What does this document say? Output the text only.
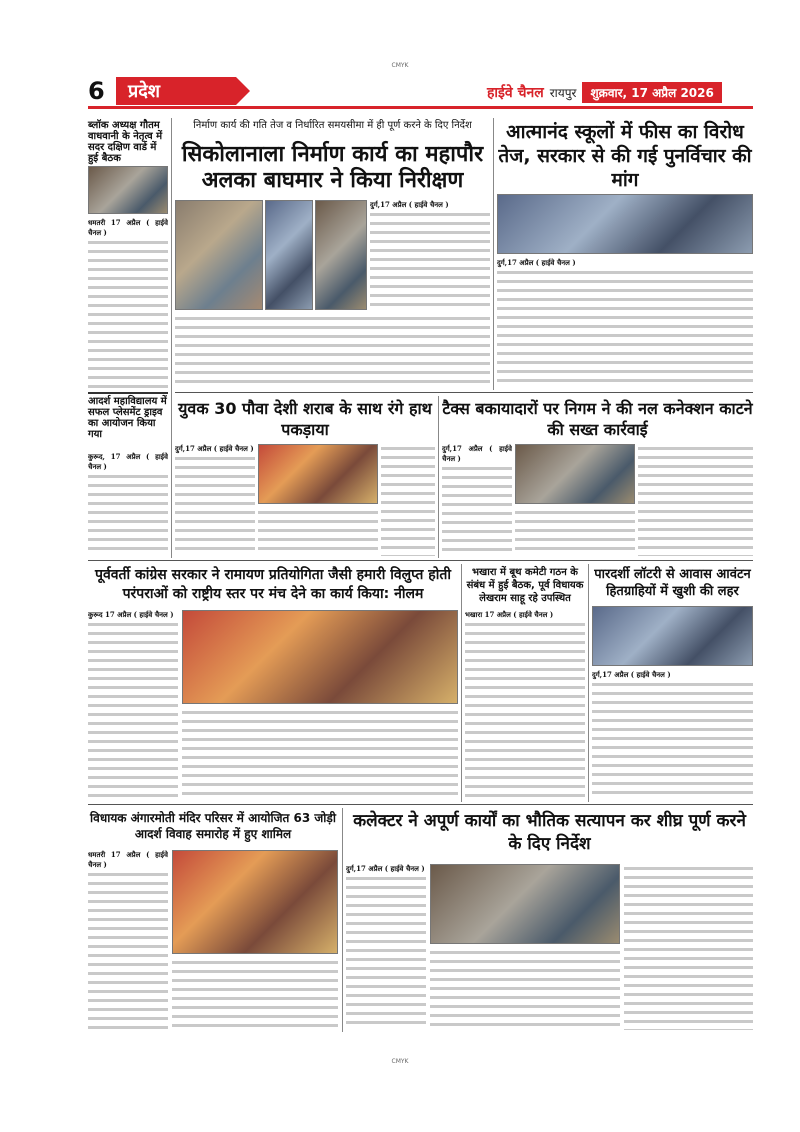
CMYK
6	प्रदेश	हाईवे चैनल रायपुर	शुक्रवार, 17 अप्रैल 2026
ब्लॉक अध्यक्ष गौतम वाधवानी के नेतृत्व में सदर दक्षिण वार्ड में हुई बैठक
धमतरी 17 अप्रैल ( हाईवे चैनल )
आदर्श महाविद्यालय में सफल प्लेसमेंट ड्राइव का आयोजन किया गया
कुरूद, 17 अप्रैल ( हाईवे चैनल )
निर्माण कार्य की गति तेज व निर्धारित समयसीमा में ही पूर्ण करने के दिए निर्देश
सिकोलानाला निर्माण कार्य का महापौर अलका बाघमार ने किया निरीक्षण
दुर्ग,17 अप्रैल ( हाईवे चैनल )
आत्मानंद स्कूलों में फीस का विरोध तेज, सरकार से की गई पुनर्विचार की मांग
दुर्ग,17 अप्रैल ( हाईवे चैनल )
युवक 30 पौवा देशी शराब के साथ रंगे हाथ पकड़ाया
दुर्ग,17 अप्रैल ( हाईवे चैनल )
टैक्स बकायादारों पर निगम ने की नल कनेक्शन काटने की सख्त कार्रवाई
दुर्ग,17 अप्रैल ( हाईवे चैनल )
पूर्ववर्ती कांग्रेस सरकार ने रामायण प्रतियोगिता जैसी हमारी विलुप्त होती परंपराओं को राष्ट्रीय स्तर पर मंच देने का कार्य किया: नीलम
कुरूद 17 अप्रैल ( हाईवे चैनल )
भखारा में बूथ कमेटी गठन के संबंध में हुई बैठक, पूर्व विधायक लेखराम साहू रहे उपस्थित
भखारा 17 अप्रैल ( हाईवे चैनल )
पारदर्शी लॉटरी से आवास आवंटन हितग्राहियों में खुशी की लहर
दुर्ग,17 अप्रैल ( हाईवे चैनल )
विधायक अंगारमोती मंदिर परिसर में आयोजित 63 जोड़ी आदर्श विवाह समारोह में हुए शामिल
धमतरी 17 अप्रैल ( हाईवे चैनल )
कलेक्टर ने अपूर्ण कार्यों का भौतिक सत्यापन कर शीघ्र पूर्ण करने के दिए निर्देश
दुर्ग,17 अप्रैल ( हाईवे चैनल )
CMYK
